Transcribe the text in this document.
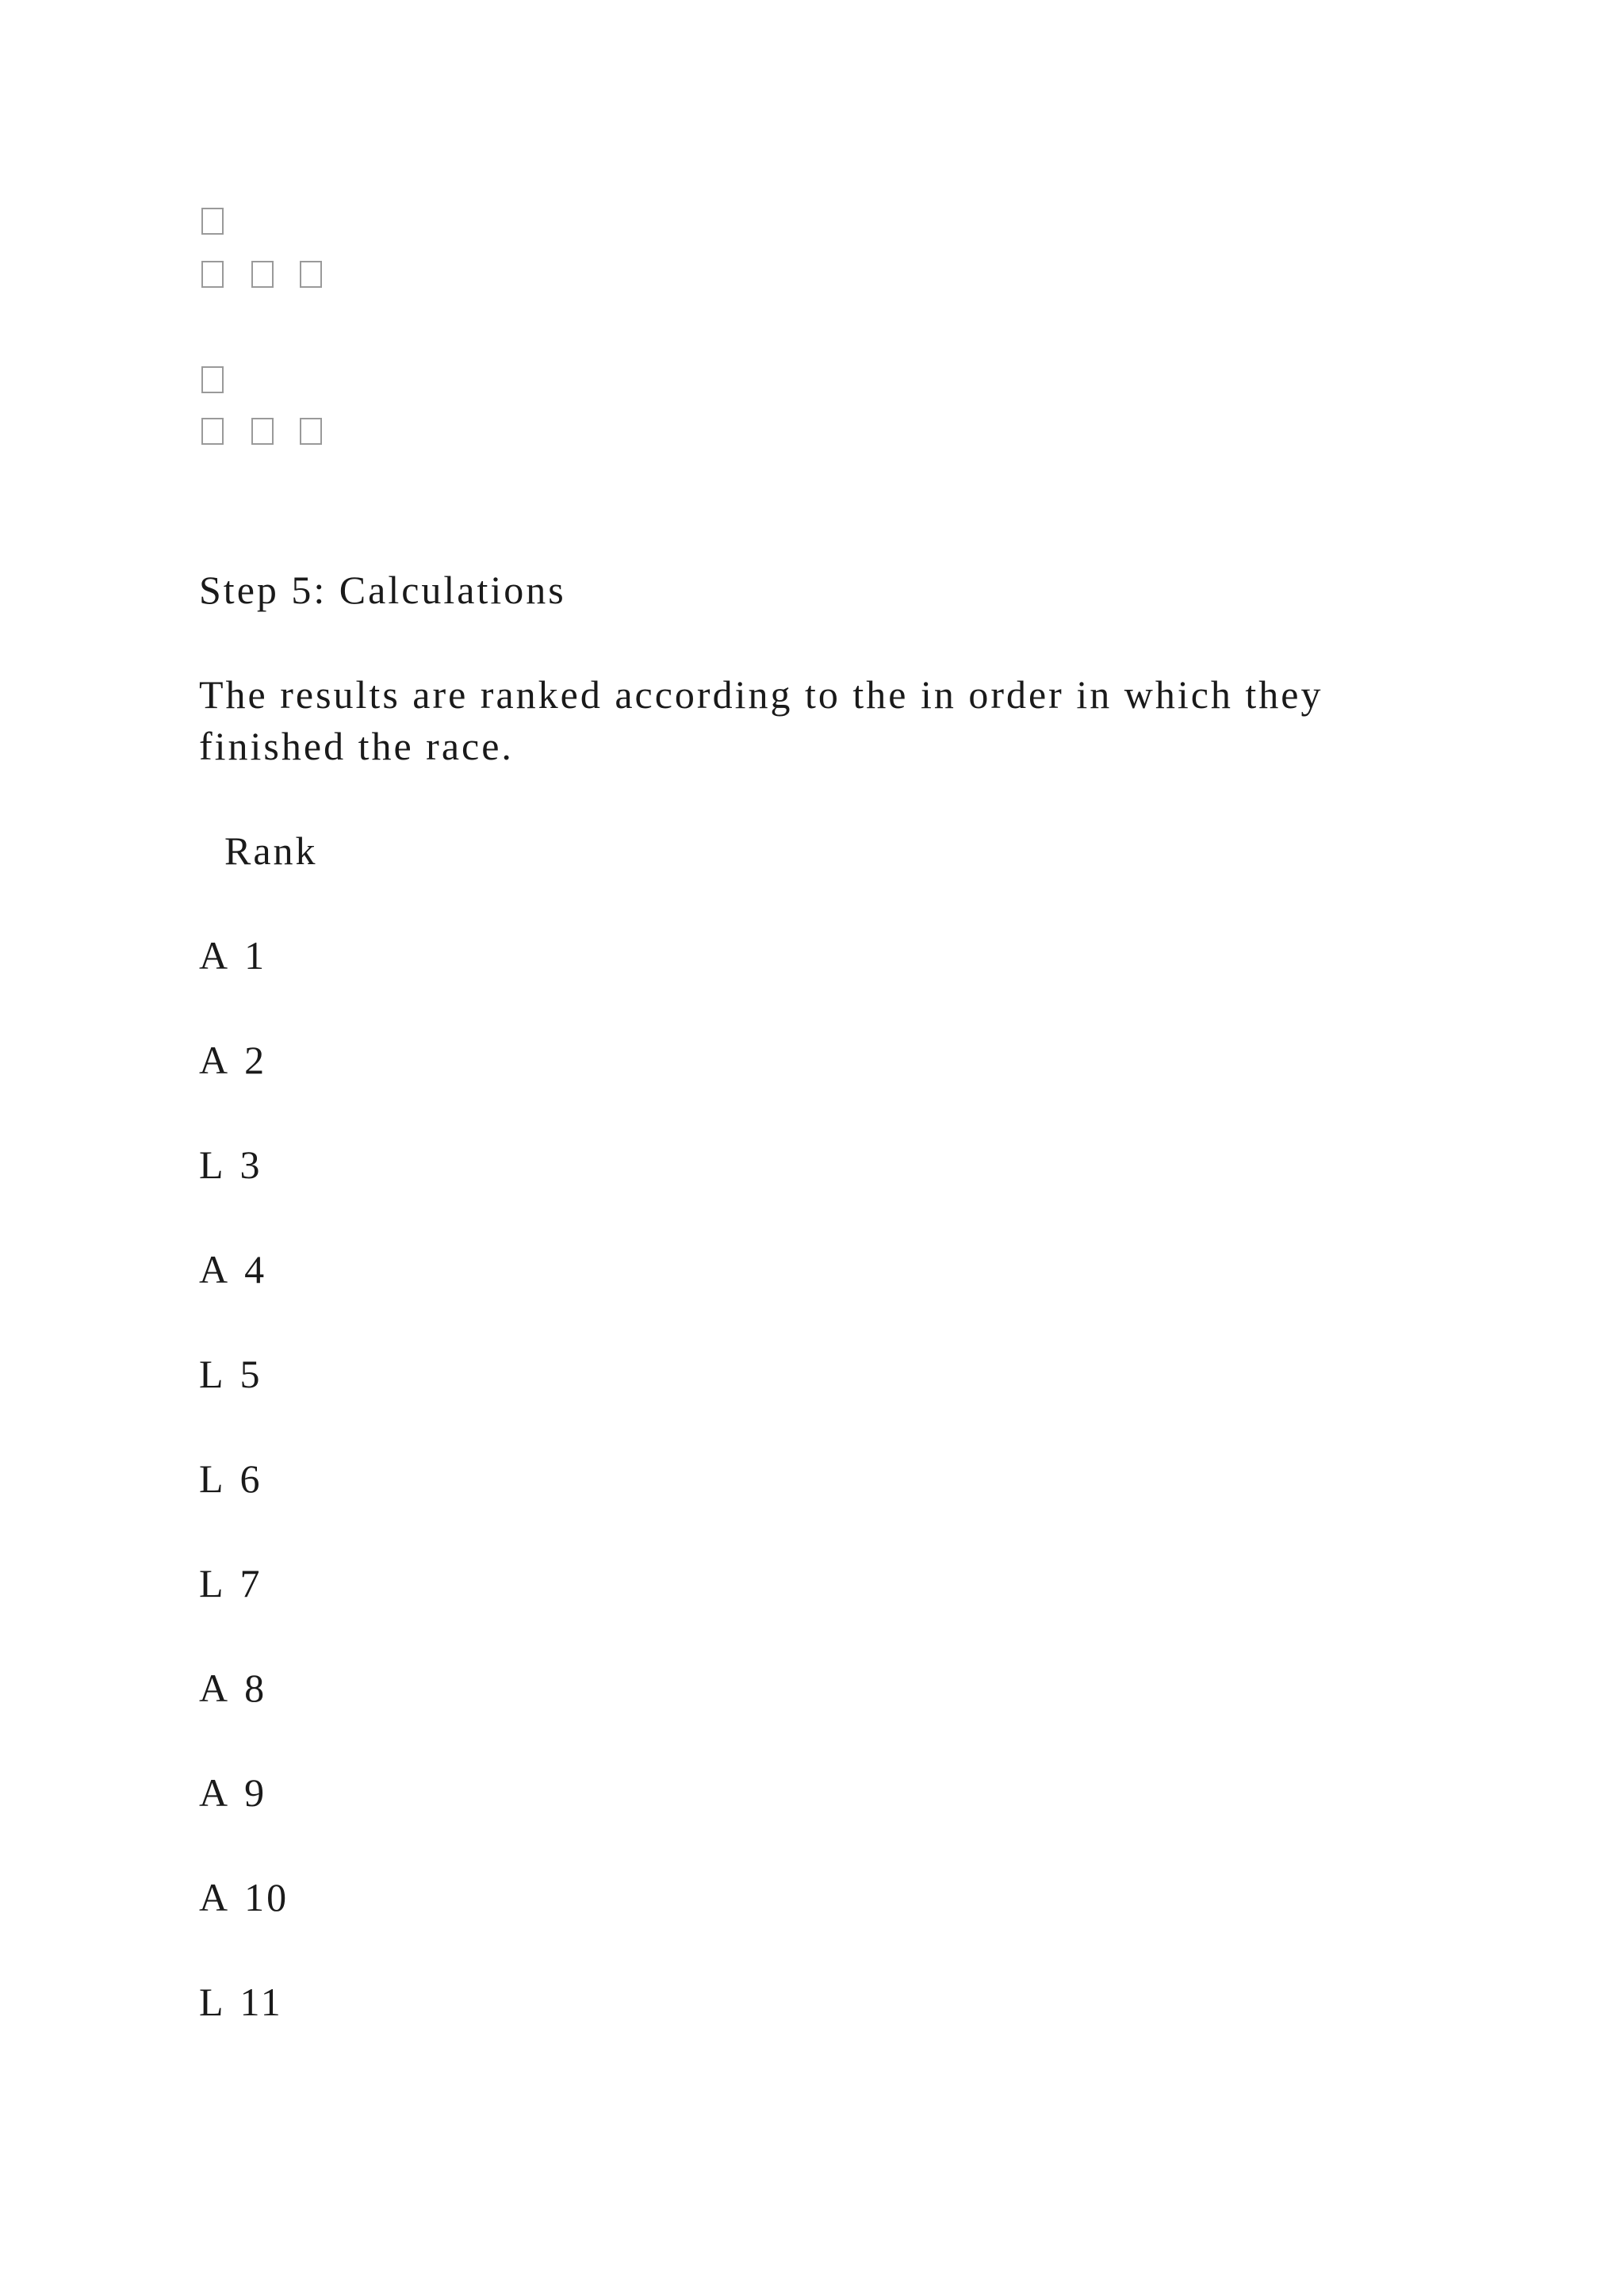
Step 5: Calculations
The results are ranked according to the in order in which they
finished the race.
Rank
A 1
A 2
L 3
A 4
L 5
L 6
L 7
A 8
A 9
A 10
L 11
